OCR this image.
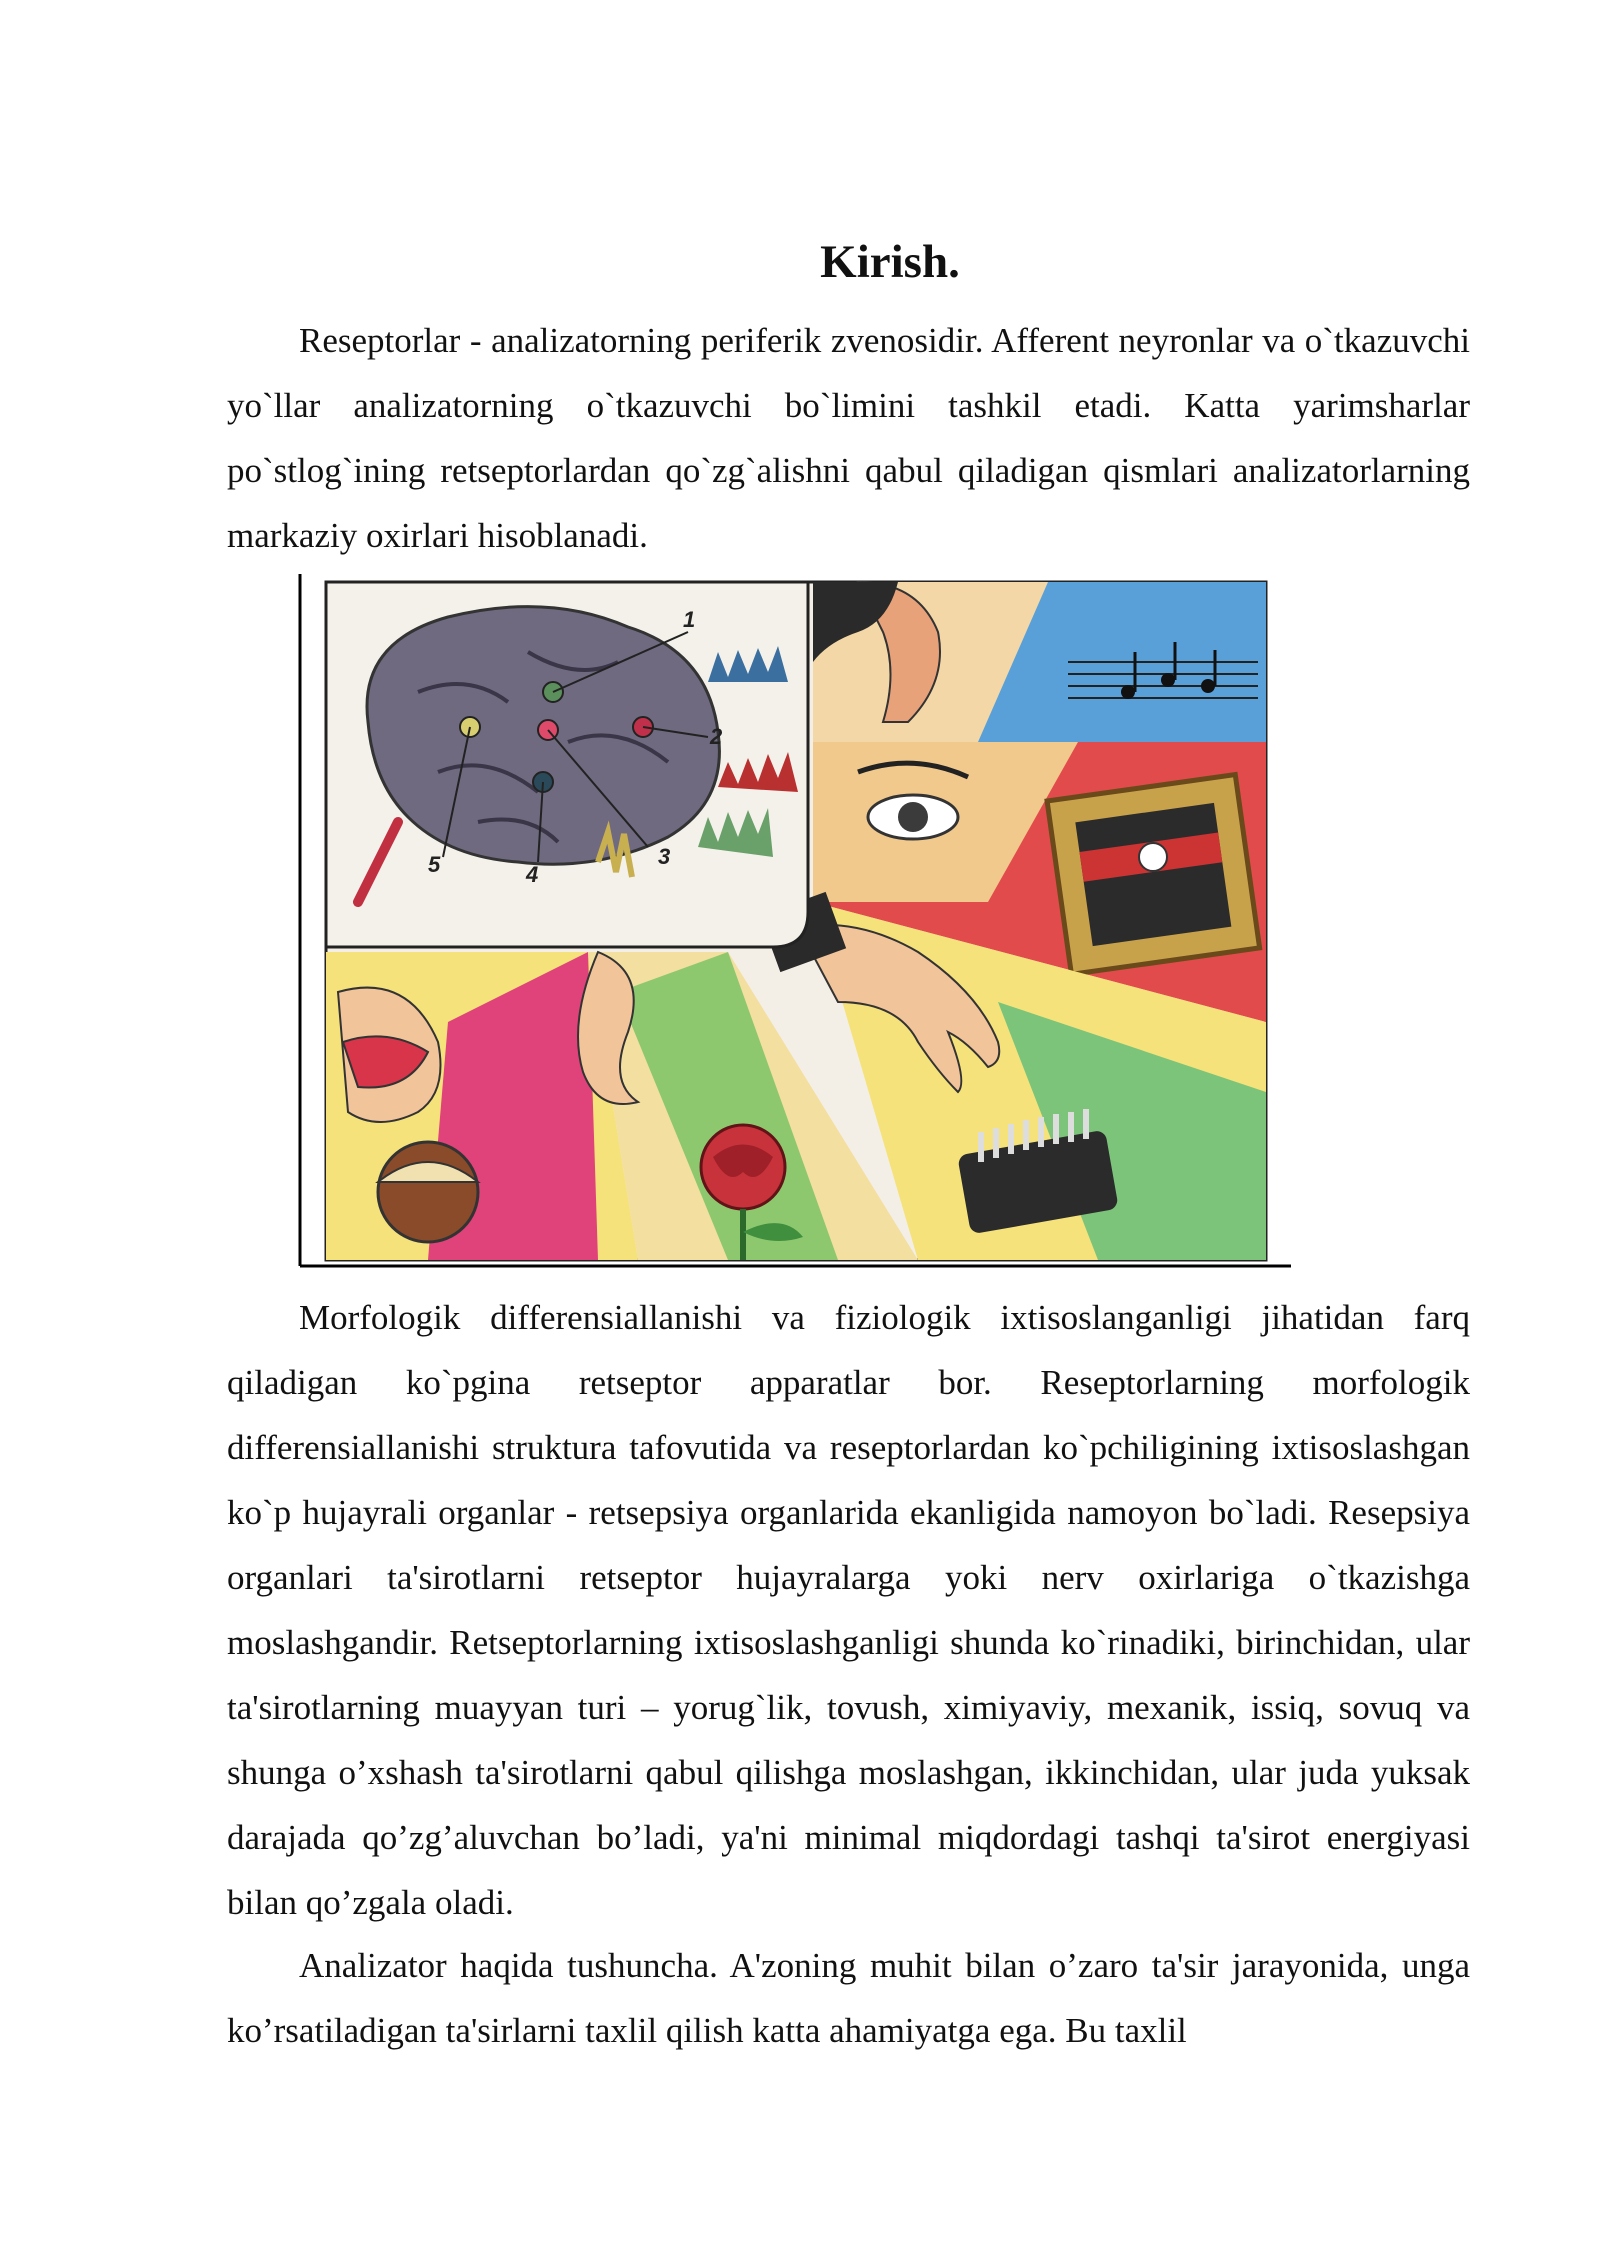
Kirish.

Reseptorlar - analizatorning periferik zvenosidir. Afferent neyronlar va o`tkazuvchi yo`llar analizatorning o`tkazuvchi bo`limini tashkil etadi. Katta yarimsharlar po`stlog`ining retseptorlardan qo`zg`alishni qabul qiladigan qismlari analizatorlarning markaziy oxirlari hisoblanadi.

1
2
3
4
5

Morfologik differensiallanishi va fiziologik ixtisoslanganligi jihatidan farq qiladigan ko`pgina retseptor apparatlar bor. Reseptorlarning morfologik differensiallanishi struktura tafovutida va reseptorlardan ko`pchiligining ixtisoslashgan ko`p hujayrali organlar - retsepsiya organlarida ekanligida namoyon bo`ladi. Resepsiya organlari ta'sirotlarni retseptor hujayralarga yoki nerv oxirlariga o`tkazishga moslashgandir. Retseptorlarning ixtisoslashganligi shunda ko`rinadiki, birinchidan, ular ta'sirotlarning muayyan turi – yorug`lik, tovush, ximiyaviy, mexanik, issiq, sovuq va shunga o’xshash ta'sirotlarni qabul qilishga moslashgan, ikkinchidan, ular juda yuksak darajada qo’zg’aluvchan bo’ladi, ya'ni minimal miqdordagi tashqi ta'sirot energiyasi bilan qo’zgala oladi.

Analizator haqida tushuncha. A'zoning muhit bilan o’zaro ta'sir jarayonida, unga ko’rsatiladigan ta'sirlarni taxlil qilish katta ahamiyatga ega. Bu taxlil
